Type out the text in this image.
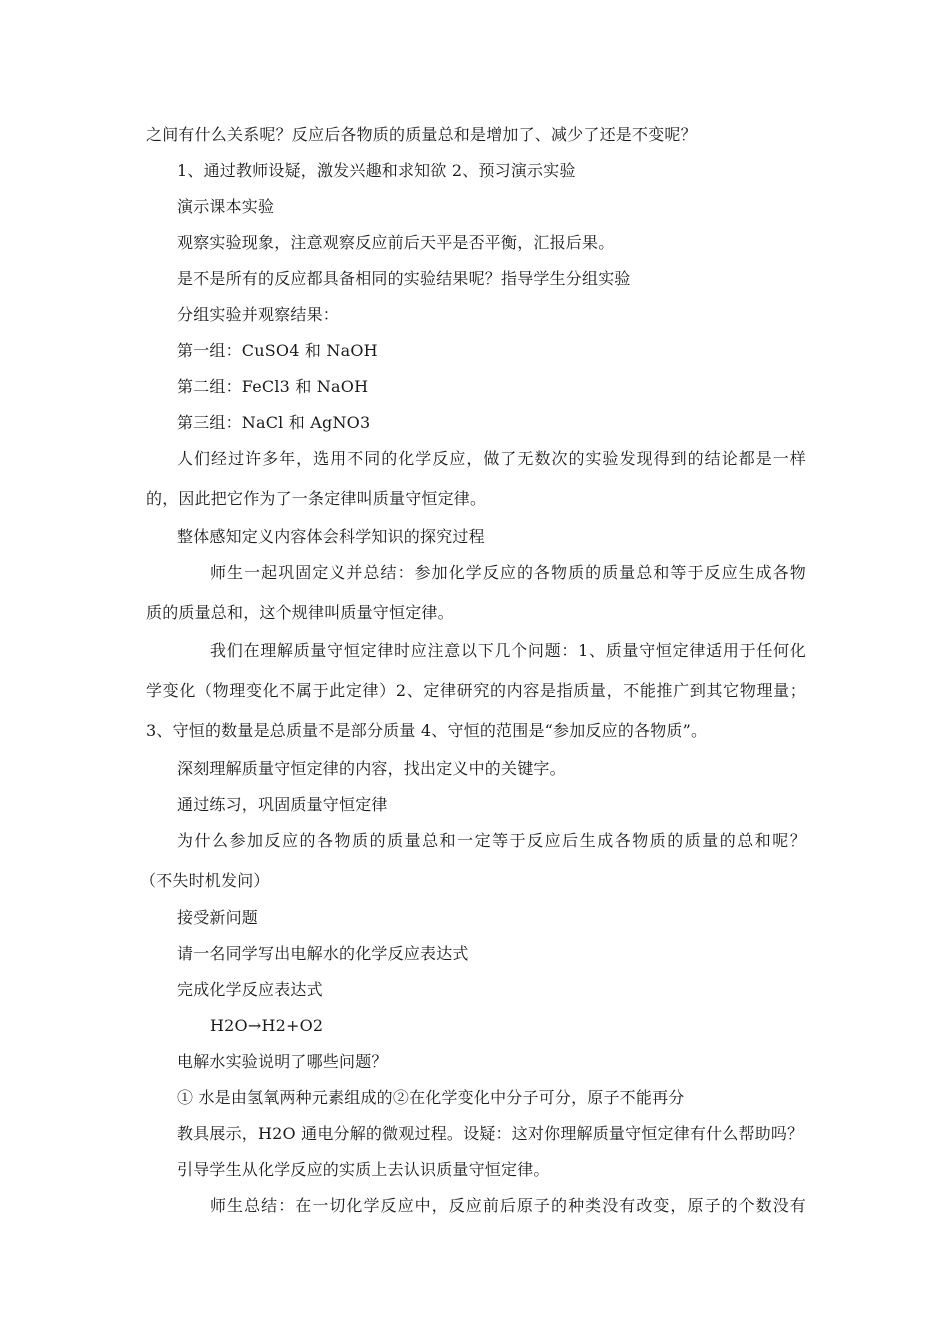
之间有什么关系呢？反应后各物质的质量总和是增加了、减少了还是不变呢？
1、通过教师设疑，激发兴趣和求知欲 2、预习演示实验
演示课本实验
观察实验现象，注意观察反应前后天平是否平衡，汇报后果。
是不是所有的反应都具备相同的实验结果呢？指导学生分组实验
分组实验并观察结果：
第一组：CuSO4 和 NaOH
第二组：FeCl3 和 NaOH
第三组：NaCl 和 AgNO3
人们经过许多年，选用不同的化学反应，做了无数次的实验发现得到的结论都是一样
的，因此把它作为了一条定律叫质量守恒定律。
整体感知定义内容体会科学知识的探究过程
师生一起巩固定义并总结：参加化学反应的各物质的质量总和等于反应生成各物
质的质量总和，这个规律叫质量守恒定律。
我们在理解质量守恒定律时应注意以下几个问题：1、质量守恒定律适用于任何化
学变化（物理变化不属于此定律）2、定律研究的内容是指质量，不能推广到其它物理量；
3、守恒的数量是总质量不是部分质量 4、守恒的范围是“参加反应的各物质”。
深刻理解质量守恒定律的内容，找出定义中的关键字。
通过练习，巩固质量守恒定律
为什么参加反应的各物质的质量总和一定等于反应后生成各物质的质量的总和呢？
（不失时机发问）
接受新问题
请一名同学写出电解水的化学反应表达式
完成化学反应表达式
H2O→H2+O2
电解水实验说明了哪些问题？
① 水是由氢氧两种元素组成的②在化学变化中分子可分，原子不能再分
教具展示，H2O 通电分解的微观过程。设疑：这对你理解质量守恒定律有什么帮助吗？
引导学生从化学反应的实质上去认识质量守恒定律。
师生总结：在一切化学反应中，反应前后原子的种类没有改变，原子的个数没有
